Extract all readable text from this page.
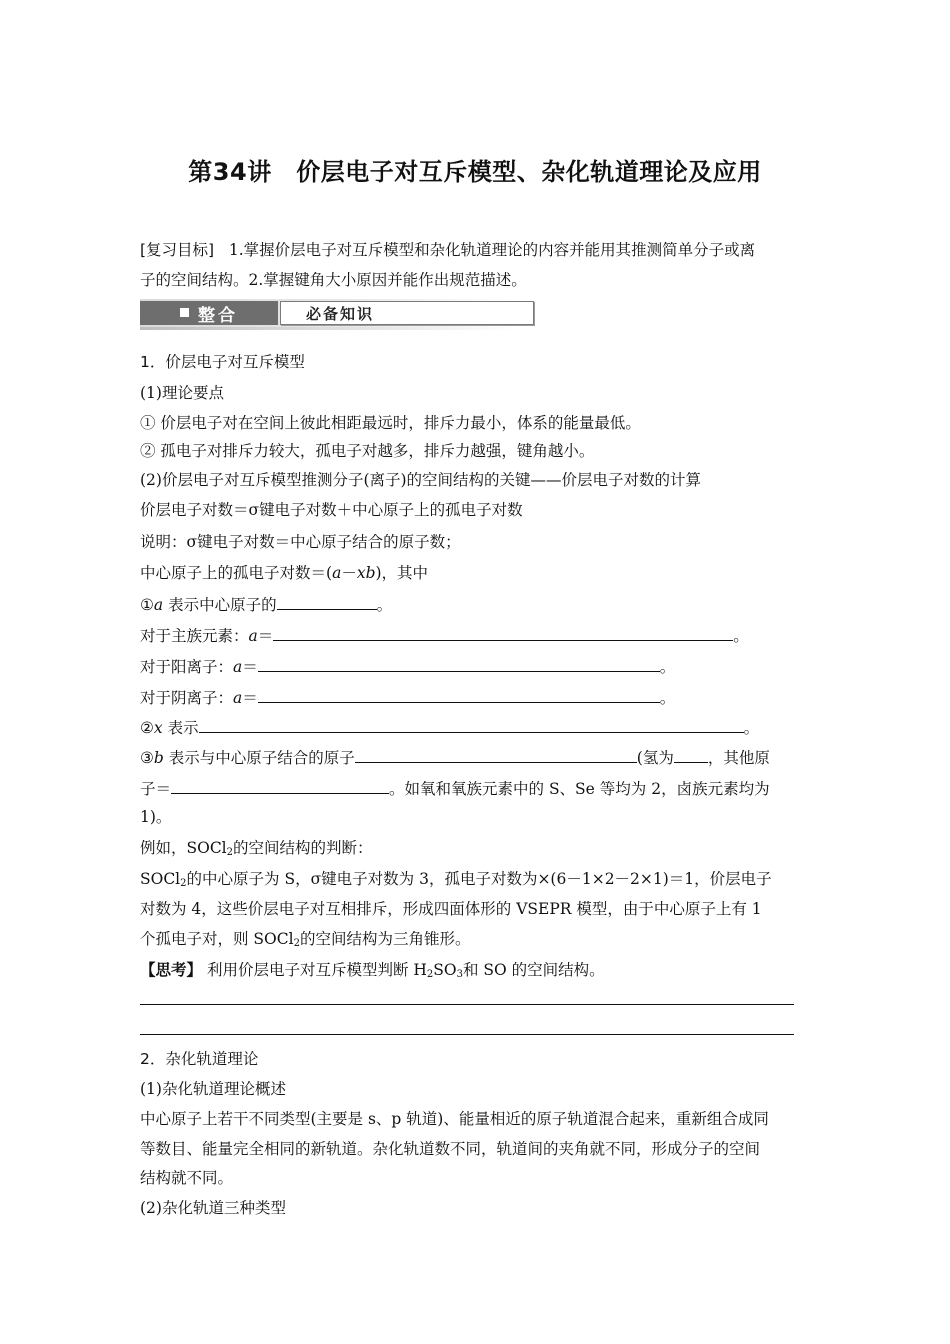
第34讲　价层电子对互斥模型、杂化轨道理论及应用
[复习目标] 1.掌握价层电子对互斥模型和杂化轨道理论的内容并能用其推测简单分子或离
子的空间结构。2.掌握键角大小原因并能作出规范描述。
整合	必备知识
1．价层电子对互斥模型
(1)理论要点
① 价层电子对在空间上彼此相距最远时，排斥力最小，体系的能量最低。
② 孤电子对排斥力较大，孤电子对越多，排斥力越强，键角越小。
(2)价层电子对互斥模型推测分子(离子)的空间结构的关键——价层电子对数的计算
价层电子对数＝σ键电子对数＋中心原子上的孤电子对数
说明：σ键电子对数＝中心原子结合的原子数；
中心原子上的孤电子对数＝(a－xb)，其中
①a 表示中心原子的	。
对于主族元素：a＝	。
对于阳离子：a＝	。
对于阴离子：a＝	。
②x 表示	。
③b 表示与中心原子结合的原子	(氢为 ，其他原
子＝	。如氧和氧族元素中的 S、Se 等均为 2，卤族元素均为
1)。
例如，SOCl$_2$的空间结构的判断：
SOCl$_2$的中心原子为 S，σ键电子对数为 3，孤电子对数为×(6－1×2－2×1)＝1，价层电子
对数为 4，这些价层电子对互相排斥，形成四面体形的 VSEPR 模型，由于中心原子上有 1
个孤电子对，则 SOCl$_2$的空间结构为三角锥形。
【思考】 利用价层电子对互斥模型判断 $H_2SO_3$和 SO 的空间结构。
2．杂化轨道理论
(1)杂化轨道理论概述
中心原子上若干不同类型(主要是 s、p 轨道)、能量相近的原子轨道混合起来，重新组合成同
等数目、能量完全相同的新轨道。杂化轨道数不同，轨道间的夹角就不同，形成分子的空间
结构就不同。
(2)杂化轨道三种类型
